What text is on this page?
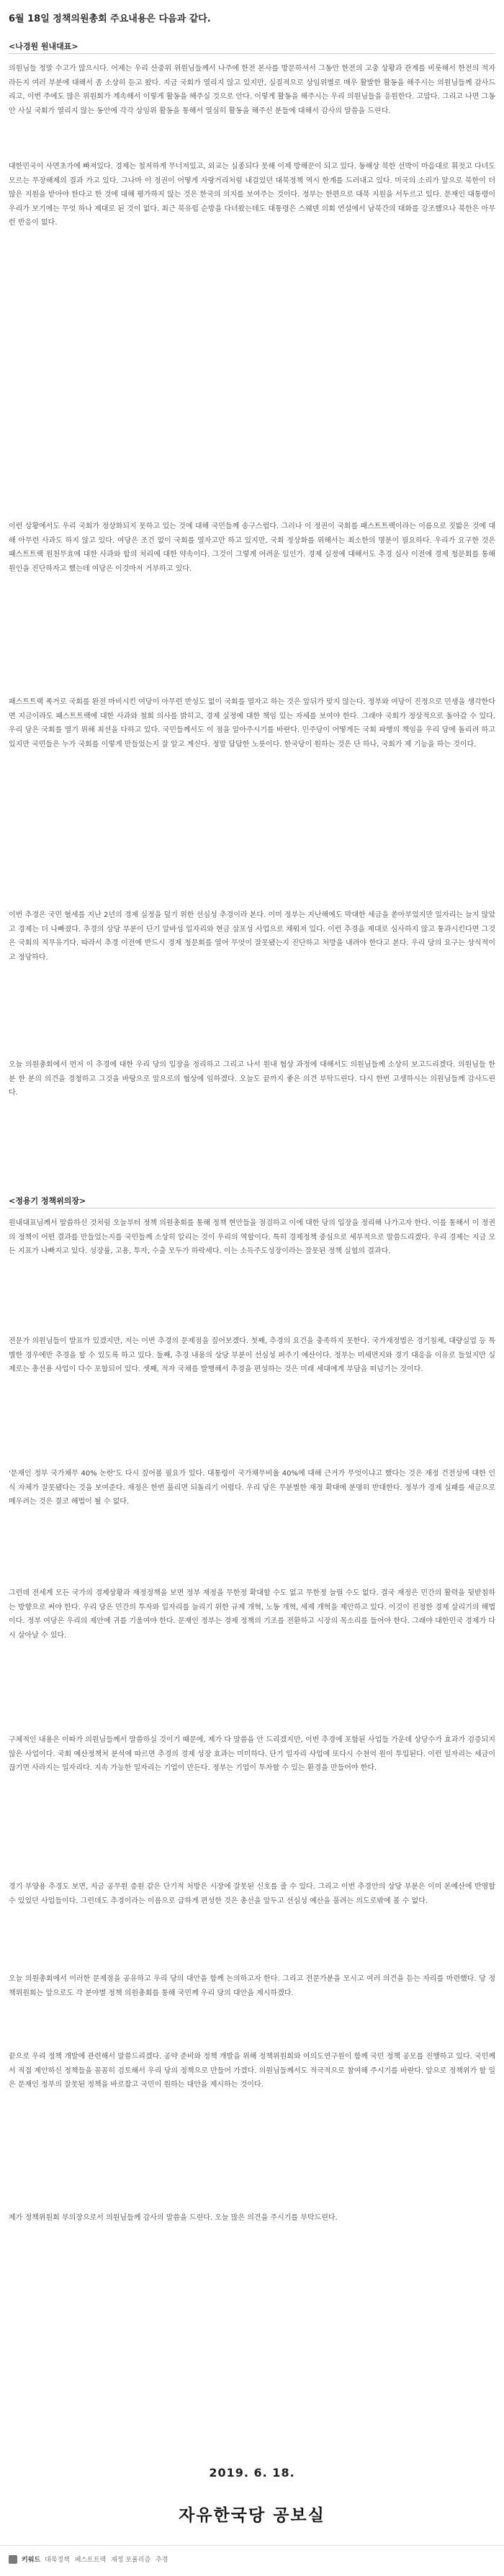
6월 18일 정책의원총회 주요내용은 다음과 같다.
<나경원 원내대표>
의원님들 정말 수고가 많으시다. 어제는 우리 산중위 위원님들께서 나주에 한전 본사를 방문하셔서 그동안 한전의 고충 상황과 관계를 비롯해서 한전의 적자라든지 여러 부분에 대해서 좀 소상히 듣고 왔다. 지금 국회가 열리지 않고 있지만, 실질적으로 상임위별로 매우 활발한 활동을 해주시는 의원님들께 감사드리고, 이번 주에도 많은 위원회가 계속해서 이렇게 활동을 해주실 것으로 안다. 이렇게 활동을 해주시는 우리 의원님들을 응원한다. 고맙다. 그리고 나면 그동안 사실 국회가 열리지 않는 동안에 각각 상임위 활동을 통해서 열심히 활동을 해주신 분들에 대해서 감사의 말씀을 드린다.
대한민국이 사면초가에 빠져있다. 경제는 철저하게 무너져있고, 외교는 실종되다 못해 이제 방해꾼이 되고 있다. 동해상 북한 선박이 마음대로 휘젓고 다녀도 모르는 무장해제의 결과 가고 있다. 그나마 이 정권이 어떻게 자랑거리처럼 내걸었던 대북정책 역시 한계를 드러내고 있다. 미국의 소리가 앞으로 북한이 더 많은 지원을 받아야 한다고 한 것에 대해 평가하지 않는 것은 한국의 의지를 보여주는 것이다. 정부는 한편으로 대북 지원을 서두르고 있다. 문재인 대통령이 우리가 보기에는 무엇 하나 제대로 된 것이 없다. 최근 북유럽 순방을 다녀왔는데도 대통령은 스웨덴 의회 연설에서 남북간의 대화를 강조했으나 북한은 아무런 반응이 없다.
이런 상황에서도 우리 국회가 정상화되지 못하고 있는 것에 대해 국민들께 송구스럽다. 그러나 이 정권이 국회를 패스트트랙이라는 이름으로 짓밟은 것에 대해 아무런 사과도 하지 않고 있다. 여당은 조건 없이 국회를 열자고만 하고 있지만, 국회 정상화를 위해서는 최소한의 명분이 필요하다. 우리가 요구한 것은 패스트트랙 원천무효에 대한 사과와 합의 처리에 대한 약속이다. 그것이 그렇게 어려운 일인가. 경제 실정에 대해서도 추경 심사 이전에 경제 청문회를 통해 원인을 진단하자고 했는데 여당은 이것마저 거부하고 있다.
패스트트랙 폭거로 국회를 완전 마비시킨 여당이 아무런 반성도 없이 국회를 열자고 하는 것은 앞뒤가 맞지 않는다. 정부와 여당이 진정으로 민생을 생각한다면 지금이라도 패스트트랙에 대한 사과와 철회 의사를 밝히고, 경제 실정에 대한 책임 있는 자세를 보여야 한다. 그래야 국회가 정상적으로 돌아갈 수 있다. 우리 당은 국회를 열기 위해 최선을 다하고 있다. 국민들께서도 이 점을 알아주시기를 바란다. 민주당이 어떻게든 국회 파행의 책임을 우리 당에 돌리려 하고 있지만 국민들은 누가 국회를 이렇게 만들었는지 잘 알고 계신다. 정말 답답한 노릇이다. 한국당이 원하는 것은 단 하나, 국회가 제 기능을 하는 것이다.
이번 추경은 국민 혈세를 지난 2년의 경제 실정을 덮기 위한 선심성 추경이라 본다. 이미 정부는 지난해에도 막대한 세금을 쏟아부었지만 일자리는 늘지 않았고 경제는 더 나빠졌다. 추경의 상당 부분이 단기 알바성 일자리와 현금 살포성 사업으로 채워져 있다. 이런 추경을 제대로 심사하지 않고 통과시킨다면 그것은 국회의 직무유기다. 따라서 추경 이전에 반드시 경제 청문회를 열어 무엇이 잘못됐는지 진단하고 처방을 내려야 한다고 본다. 우리 당의 요구는 상식적이고 정당하다.
오늘 의원총회에서 먼저 이 추경에 대한 우리 당의 입장을 정리하고 그리고 나서 원내 협상 과정에 대해서도 의원님들께 소상히 보고드리겠다. 의원님들 한 분 한 분의 의견을 경청하고 그것을 바탕으로 앞으로의 협상에 임하겠다. 오늘도 끝까지 좋은 의견 부탁드린다. 다시 한번 고생하시는 의원님들께 감사드린다.
<정용기 정책위의장>
원내대표님께서 말씀하신 것처럼 오늘부터 정책 의원총회를 통해 정책 현안들을 점검하고 이에 대한 당의 입장을 정리해 나가고자 한다. 이를 통해서 이 정권의 정책이 어떤 결과를 만들었는지를 국민들께 소상히 알리는 것이 우리의 역할이다. 특히 경제정책 중심으로 세부적으로 말씀드리겠다. 우리 경제는 지금 모든 지표가 나빠지고 있다. 성장률, 고용, 투자, 수출 모두가 하락세다. 이는 소득주도성장이라는 잘못된 정책 실험의 결과다.
전문가 의원님들이 발표가 있겠지만, 저는 이번 추경의 문제점을 짚어보겠다. 첫째, 추경의 요건을 충족하지 못한다. 국가재정법은 경기침체, 대량실업 등 특별한 경우에만 추경을 할 수 있도록 하고 있다. 둘째, 추경 내용의 상당 부분이 선심성 퍼주기 예산이다. 정부는 미세먼지와 경기 대응을 이유로 들었지만 실제로는 총선용 사업이 다수 포함되어 있다. 셋째, 적자 국채를 발행해서 추경을 편성하는 것은 미래 세대에게 부담을 떠넘기는 것이다.
'문재인 정부 국가채무 40% 논란'도 다시 짚어볼 필요가 있다. 대통령이 국가채무비율 40%에 대해 근거가 무엇이냐고 했다는 것은 재정 건전성에 대한 인식 자체가 잘못됐다는 것을 보여준다. 재정은 한번 풀리면 되돌리기 어렵다. 우리 당은 무분별한 재정 확대에 분명히 반대한다. 정부가 경제 실패를 세금으로 메우려는 것은 결코 해법이 될 수 없다.
그런데 전세계 모든 국가의 경제상황과 재정정책을 보면 정부 재정을 무한정 확대할 수도 없고 무한정 늘릴 수도 없다. 결국 재정은 민간의 활력을 뒷받침하는 방향으로 써야 한다. 우리 당은 민간의 투자와 일자리를 늘리기 위한 규제 개혁, 노동 개혁, 세제 개혁을 제안하고 있다. 이것이 진정한 경제 살리기의 해법이다. 정부 여당은 우리의 제안에 귀를 기울여야 한다. 문재인 정부는 경제 정책의 기조를 전환하고 시장의 목소리를 들어야 한다. 그래야 대한민국 경제가 다시 살아날 수 있다.
구체적인 내용은 이따가 의원님들께서 말씀하실 것이기 때문에, 제가 다 말씀을 안 드리겠지만, 이번 추경에 포함된 사업들 가운데 상당수가 효과가 검증되지 않은 사업이다. 국회 예산정책처 분석에 따르면 추경의 경제 성장 효과는 미미하다. 단기 일자리 사업에 또다시 수천억 원이 투입된다. 이런 일자리는 세금이 끊기면 사라지는 일자리다. 지속 가능한 일자리는 기업이 만든다. 정부는 기업이 투자할 수 있는 환경을 만들어야 한다.
경기 부양용 추경도 보면, 지금 공무원 증원 같은 단기적 처방은 시장에 잘못된 신호를 줄 수 있다. 그리고 이번 추경안의 상당 부분은 이미 본예산에 반영할 수 있었던 사업들이다. 그런데도 추경이라는 이름으로 급하게 편성한 것은 총선을 앞두고 선심성 예산을 풀려는 의도로밖에 볼 수 없다.
오늘 의원총회에서 이러한 문제점을 공유하고 우리 당의 대안을 함께 논의하고자 한다. 그리고 전문가분을 모시고 여러 의견을 듣는 자리를 마련했다. 당 정책위원회는 앞으로도 각 분야별 정책 의원총회를 통해 국민께 우리 당의 대안을 제시하겠다.
끝으로 우리 정책 개발에 관련해서 말씀드리겠다. 공약 준비와 정책 개발을 위해 정책위원회와 여의도연구원이 함께 국민 정책 공모를 진행하고 있다. 국민께서 직접 제안하신 정책들을 꼼꼼히 검토해서 우리 당의 정책으로 만들어 가겠다. 의원님들께서도 적극적으로 참여해 주시기를 바란다. 앞으로 정책위가 할 일은 문재인 정부의 잘못된 정책을 바로잡고 국민이 원하는 대안을 제시하는 것이다.
제가 정책위원회 부의장으로서 의원님들께 감사의 말씀을 드린다. 오늘 많은 의견을 주시기를 부탁드린다.
2019. 6. 18.
자유한국당 공보실
키워드 대북정책 패스트트랙 재정 포퓰리즘 추경
